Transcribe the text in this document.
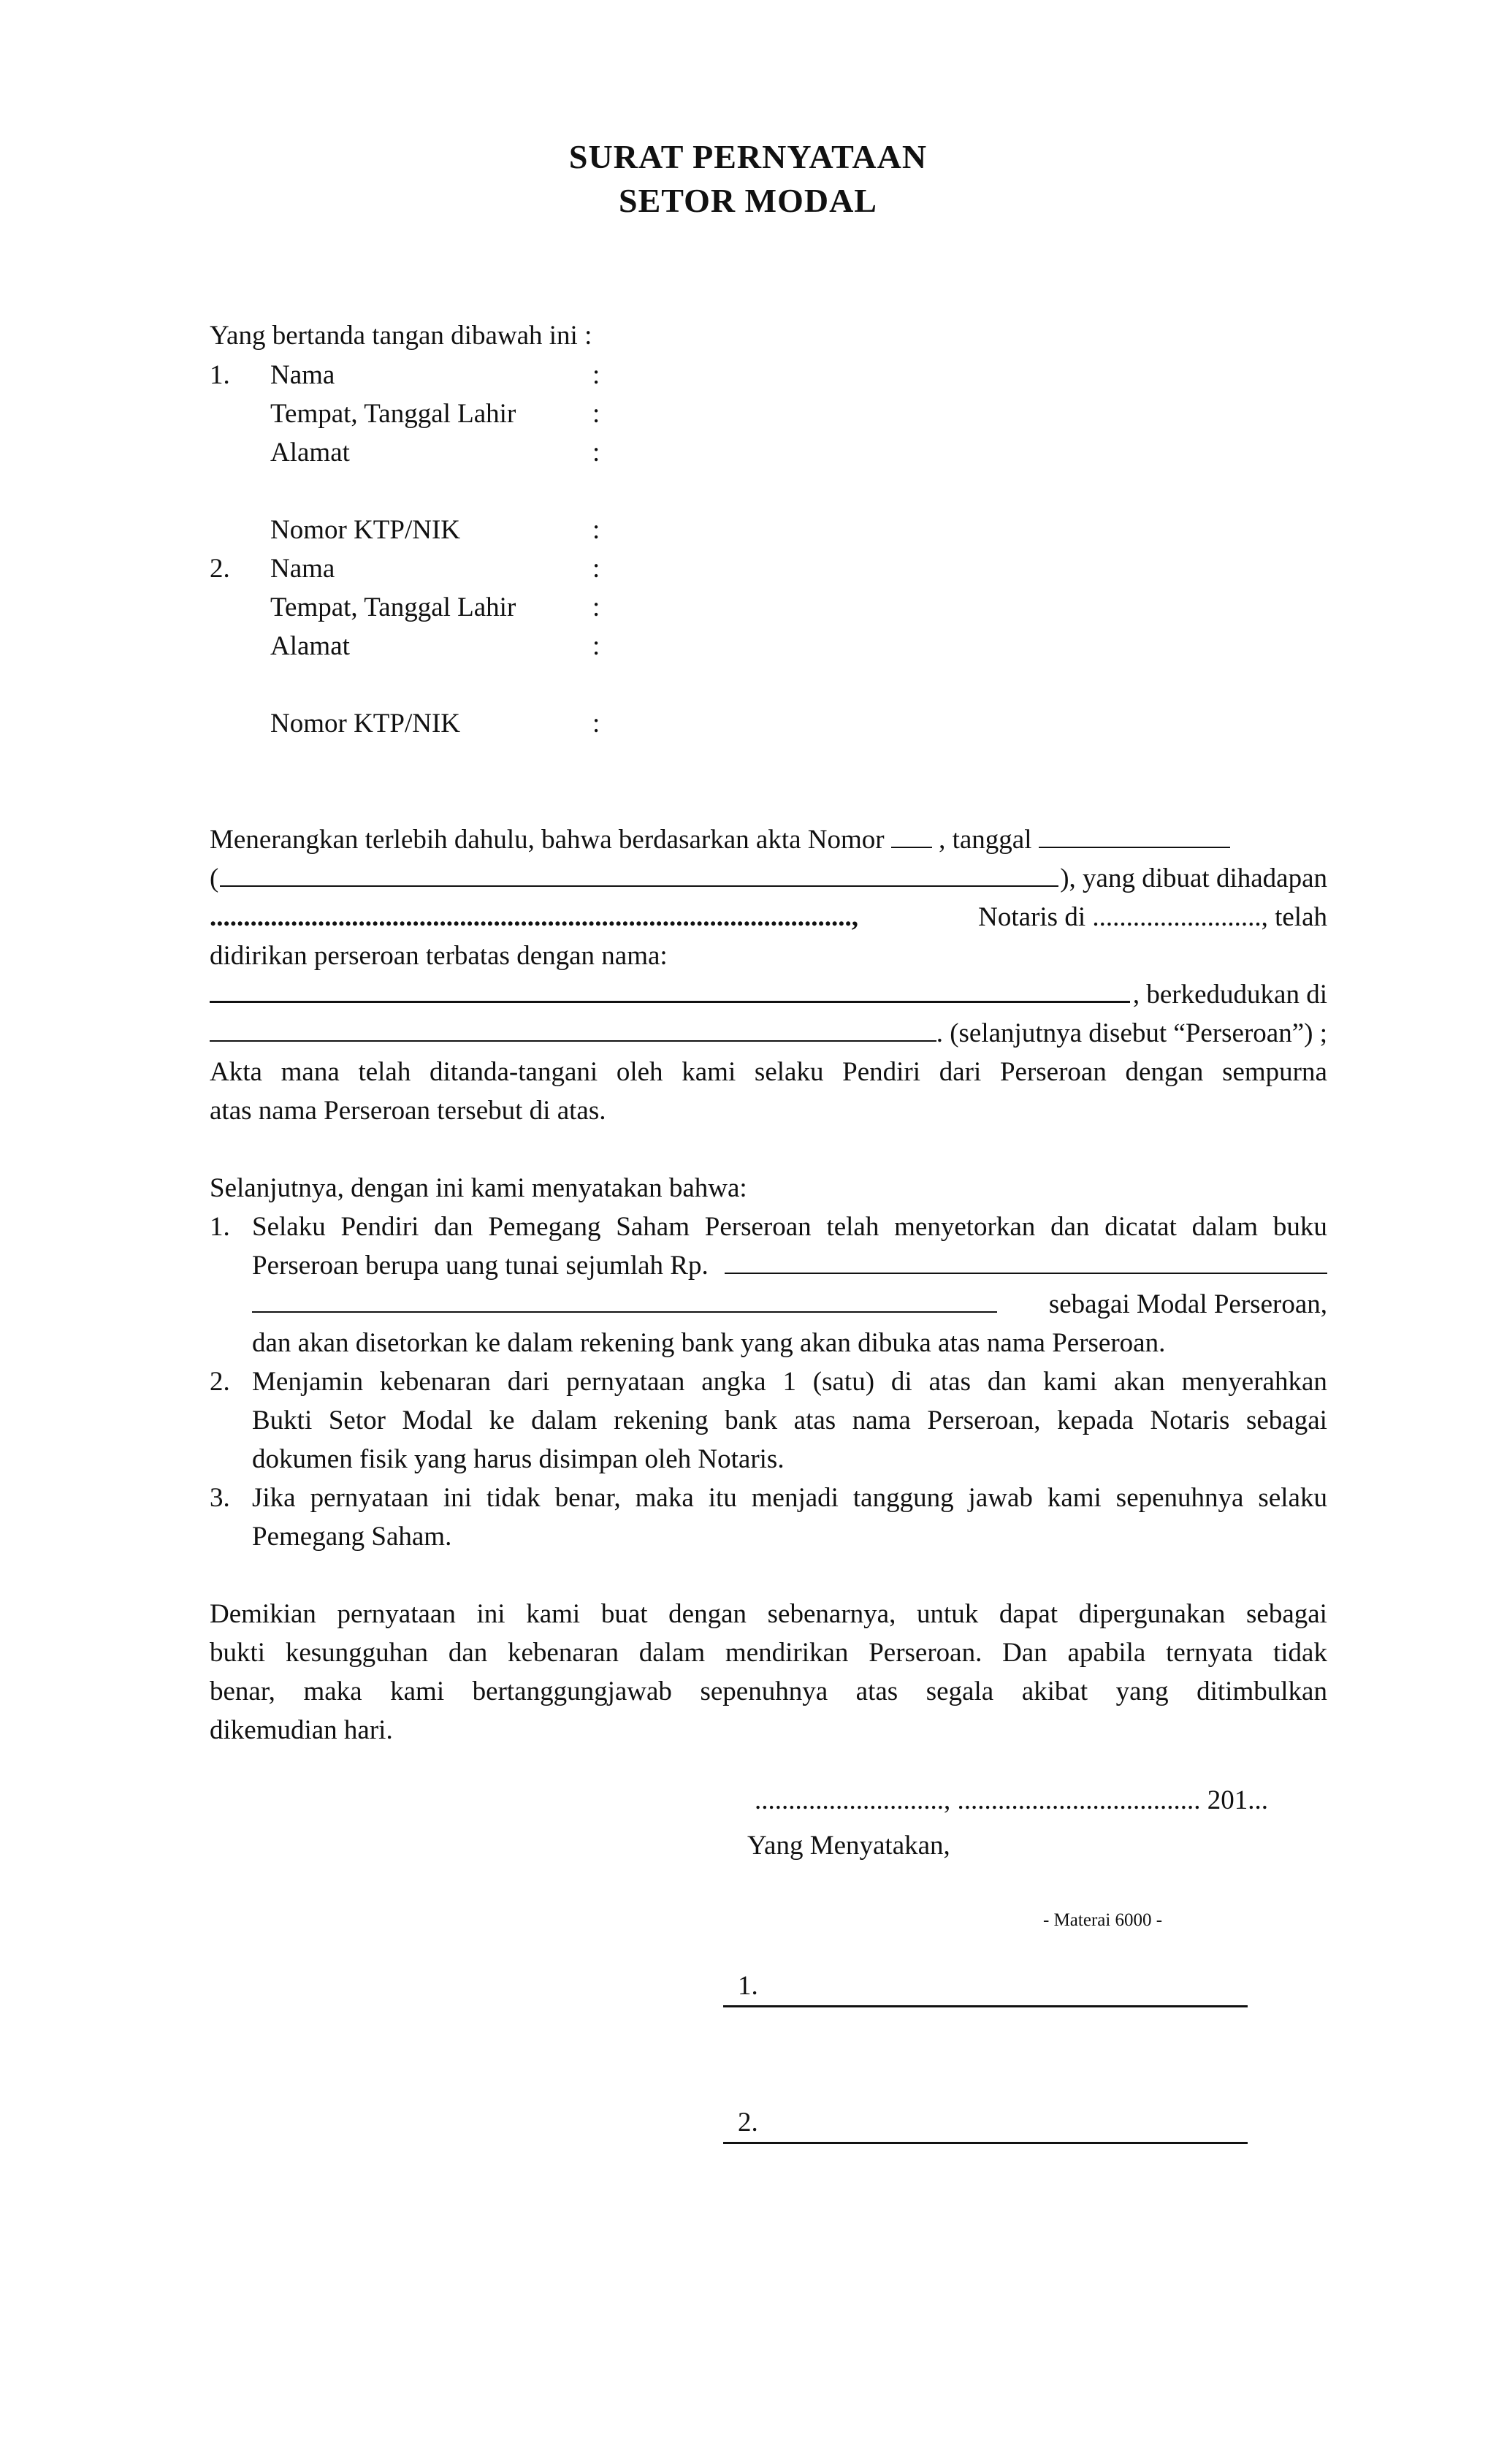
SURAT PERNYATAAN
SETOR MODAL
Yang bertanda tangan dibawah ini :
1. Nama	:
Tempat, Tanggal Lahir	:
Alamat	:
Nomor KTP/NIK	:
2. Nama	:
Tempat, Tanggal Lahir	:
Alamat	:
Nomor KTP/NIK	:
Menerangkan terlebih dahulu, bahwa berdasarkan akta Nomor , tanggal
(	), yang dibuat dihadapan
...............................................................................................,	Notaris di ........................., telah
didirikan perseroan terbatas dengan nama:
, berkedudukan di
. (selanjutnya disebut “Perseroan”) ;
Akta mana telah ditanda-tangani oleh kami selaku Pendiri dari Perseroan dengan sempurna
atas nama Perseroan tersebut di atas.
Selanjutnya, dengan ini kami menyatakan bahwa:
1. Selaku Pendiri dan Pemegang Saham Perseroan telah menyetorkan dan dicatat dalam buku
Perseroan berupa uang tunai sejumlah Rp.
sebagai Modal Perseroan,
dan akan disetorkan ke dalam rekening bank yang akan dibuka atas nama Perseroan.
2. Menjamin kebenaran dari pernyataan angka 1 (satu) di atas dan kami akan menyerahkan
Bukti Setor Modal ke dalam rekening bank atas nama Perseroan, kepada Notaris sebagai
dokumen fisik yang harus disimpan oleh Notaris.
3. Jika pernyataan ini tidak benar, maka itu menjadi tanggung jawab kami sepenuhnya selaku
Pemegang Saham.
Demikian pernyataan ini kami buat dengan sebenarnya, untuk dapat dipergunakan sebagai
bukti kesungguhan dan kebenaran dalam mendirikan Perseroan. Dan apabila ternyata tidak
benar, maka kami bertanggungjawab sepenuhnya atas segala akibat yang ditimbulkan
dikemudian hari.
............................, .................................... 201...
Yang Menyatakan,
- Materai 6000 -
1.
2.
